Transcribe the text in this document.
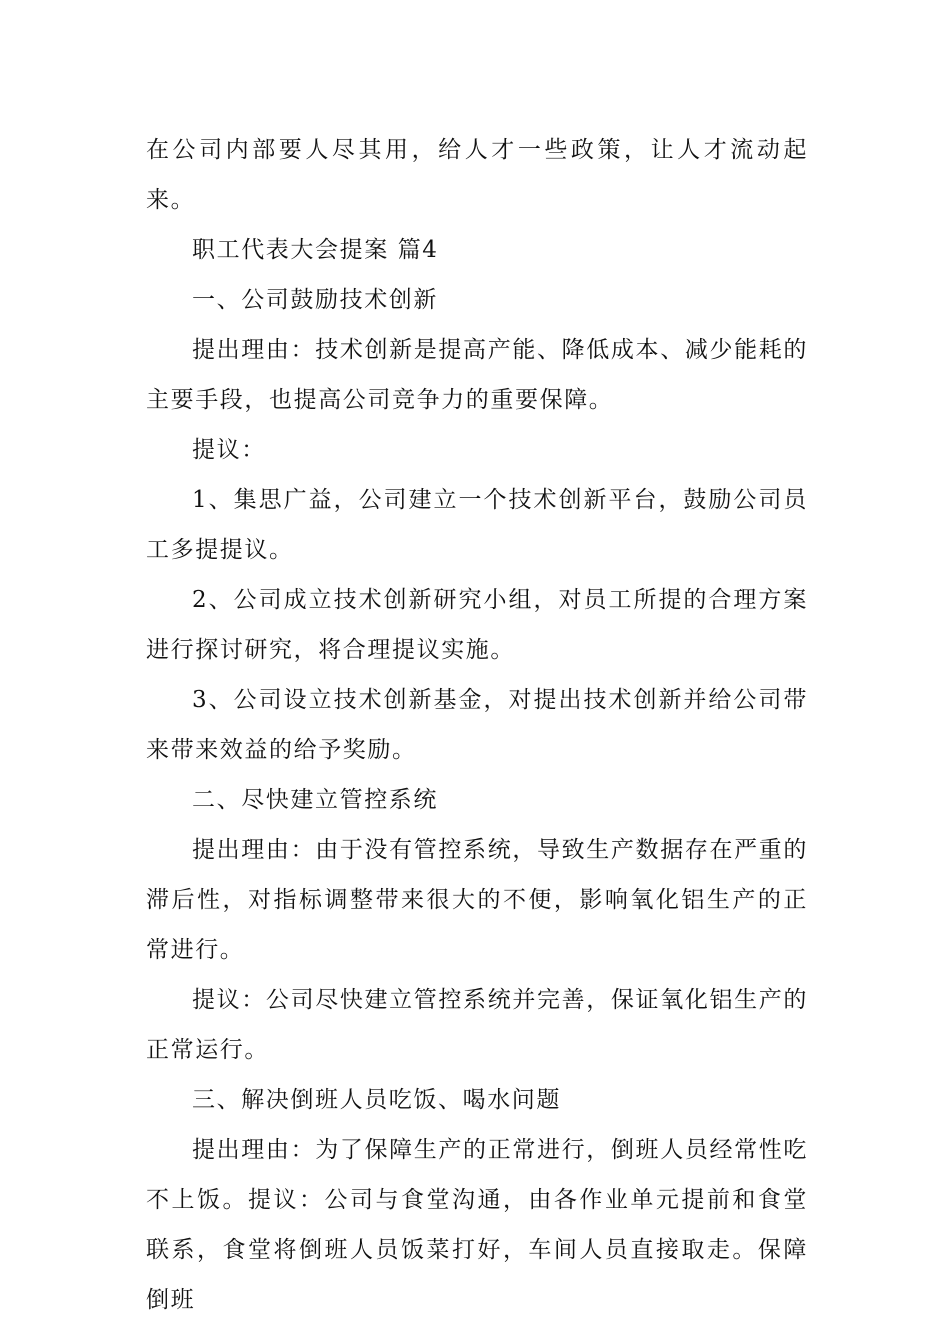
在公司内部要人尽其用，给人才一些政策，让人才流动起来。

职工代表大会提案 篇4

一、公司鼓励技术创新

提出理由：技术创新是提高产能、降低成本、减少能耗的主要手段，也提高公司竞争力的重要保障。

提议：

1、集思广益，公司建立一个技术创新平台，鼓励公司员工多提提议。

2、公司成立技术创新研究小组，对员工所提的合理方案进行探讨研究，将合理提议实施。

3、公司设立技术创新基金，对提出技术创新并给公司带来带来效益的给予奖励。

二、尽快建立管控系统

提出理由：由于没有管控系统，导致生产数据存在严重的滞后性，对指标调整带来很大的不便，影响氧化铝生产的正常进行。

提议：公司尽快建立管控系统并完善，保证氧化铝生产的正常运行。

三、解决倒班人员吃饭、喝水问题

提出理由：为了保障生产的正常进行，倒班人员经常性吃不上饭。提议：公司与食堂沟通，由各作业单元提前和食堂联系，食堂将倒班人员饭菜打好，车间人员直接取走。保障倒班
